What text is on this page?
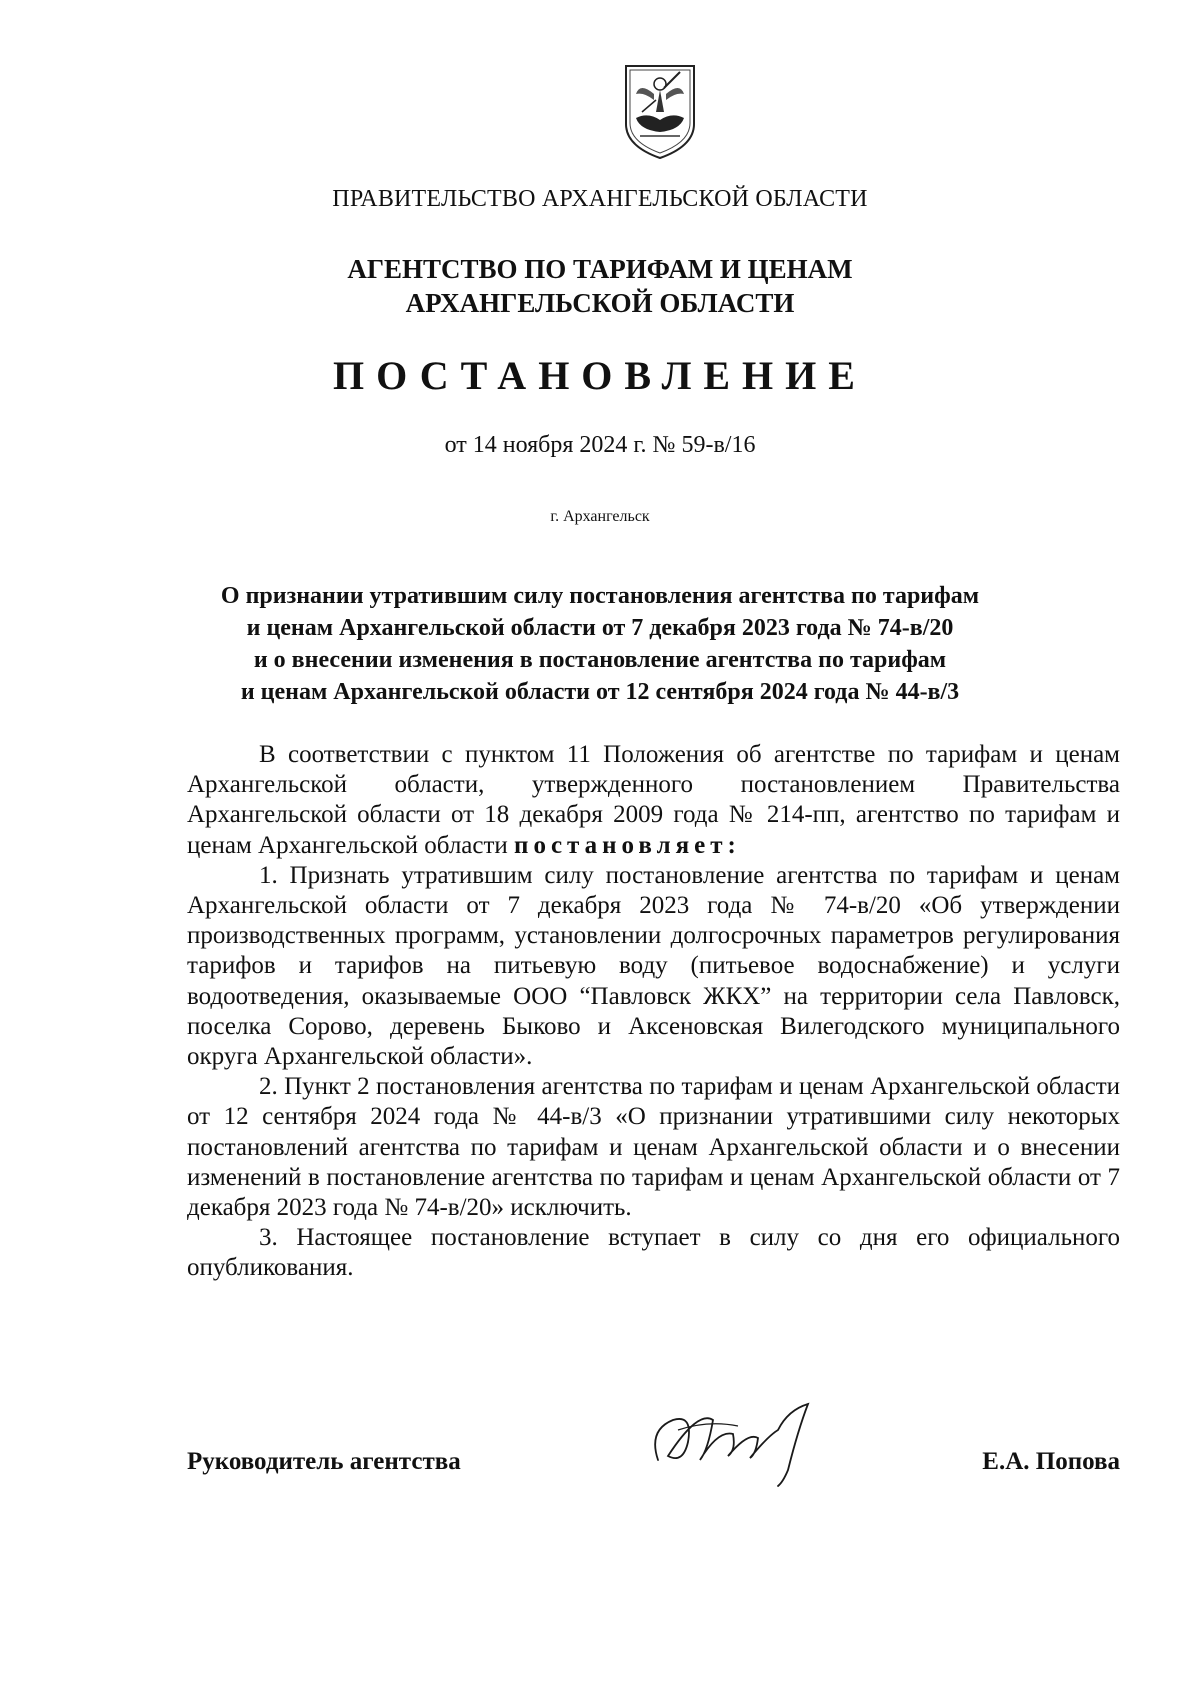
ПРАВИТЕЛЬСТВО АРХАНГЕЛЬСКОЙ ОБЛАСТИ
АГЕНТСТВО ПО ТАРИФАМ И ЦЕНАМ
АРХАНГЕЛЬСКОЙ ОБЛАСТИ
ПОСТАНОВЛЕНИЕ
от 14 ноября 2024 г. № 59-в/16
г. Архангельск
О признании утратившим силу постановления агентства по тарифам
и ценам Архангельской области от 7 декабря 2023 года № 74-в/20
и о внесении изменения в постановление агентства по тарифам
и ценам Архангельской области от 12 сентября 2024 года № 44-в/3

В соответствии с пунктом 11 Положения об агентстве по тарифам и ценам Архангельской области, утвержденного постановлением Правительства Архангельской области от 18 декабря 2009 года № 214-пп, агентство по тарифам и ценам Архангельской области постановляет:

1. Признать утратившим силу постановление агентства по тарифам и ценам Архангельской области от 7 декабря 2023 года № 74-в/20 «Об утверждении производственных программ, установлении долгосрочных параметров регулирования тарифов и тарифов на питьевую воду (питьевое водоснабжение) и услуги водоотведения, оказываемые ООО “Павловск ЖКХ” на территории села Павловск, поселка Сорово, деревень Быково и Аксеновская Вилегодского муниципального округа Архангельской области».

2. Пункт 2 постановления агентства по тарифам и ценам Архангельской области от 12 сентября 2024 года № 44-в/3 «О признании утратившими силу некоторых постановлений агентства по тарифам и ценам Архангельской области и о внесении изменений в постановление агентства по тарифам и ценам Архангельской области от 7 декабря 2023 года № 74-в/20» исключить.

3. Настоящее постановление вступает в силу со дня его официального опубликования.

Руководитель агентства	Е.А. Попова
